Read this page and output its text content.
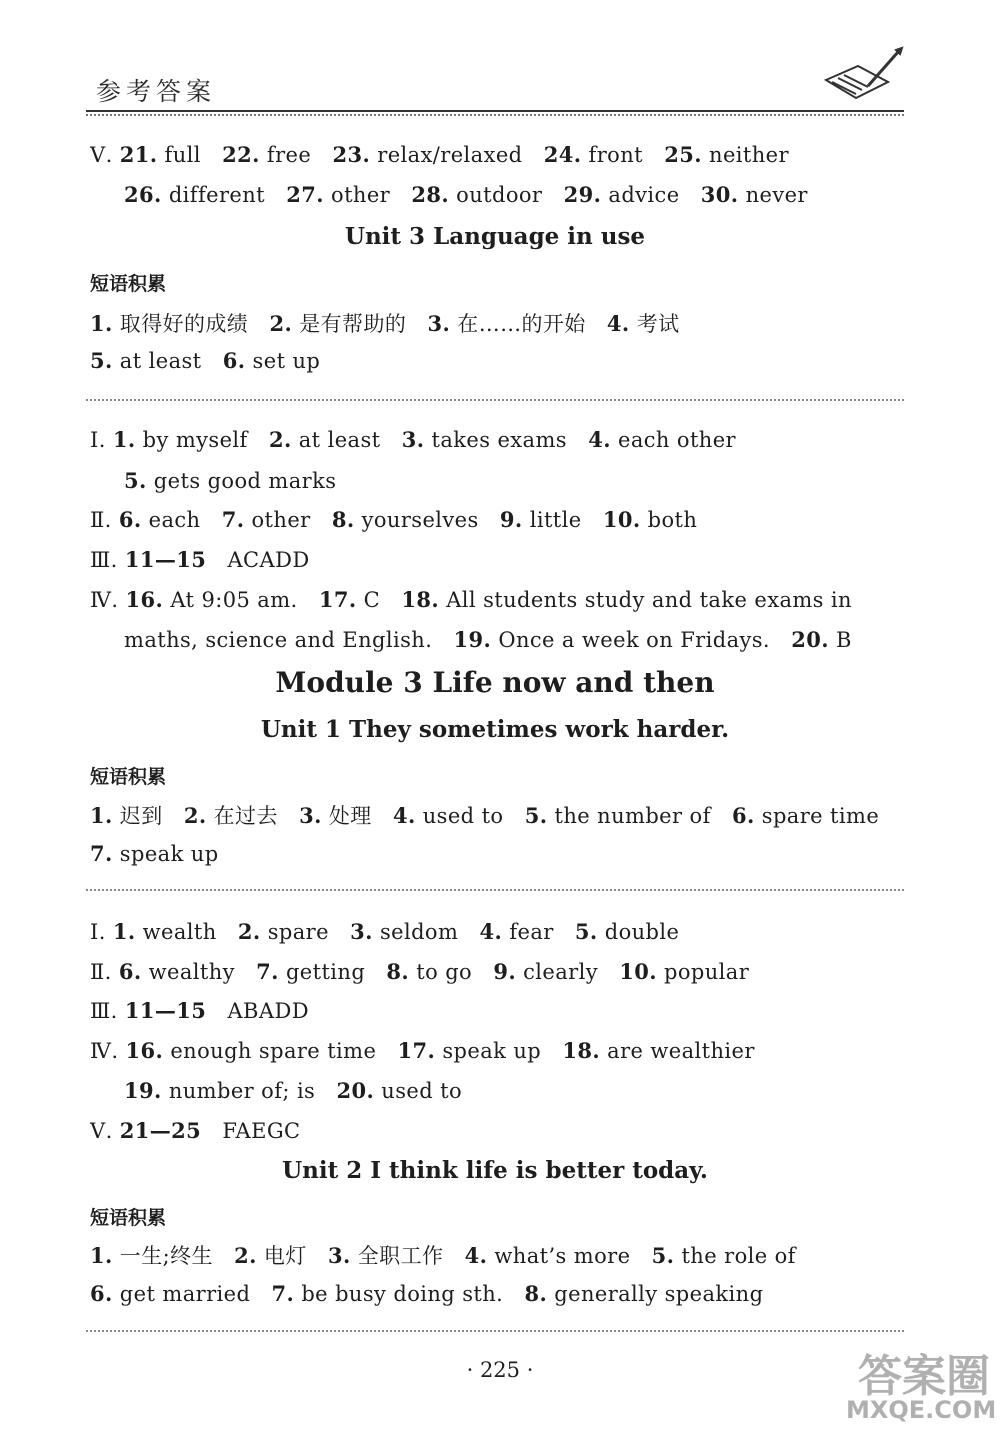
参考答案
Ⅴ. 21. full   22. free   23. relax/relaxed   24. front   25. neither
26. different   27. other   28. outdoor   29. advice   30. never
Unit 3 Language in use
短语积累
1. 取得好的成绩   2. 是有帮助的   3. 在……的开始   4. 考试
5. at least   6. set up
Ⅰ. 1. by myself   2. at least   3. takes exams   4. each other
5. gets good marks
Ⅱ. 6. each   7. other   8. yourselves   9. little   10. both
Ⅲ. 11—15   ACADD
Ⅳ. 16. At 9:05 am.   17. C   18. All students study and take exams in
maths, science and English.   19. Once a week on Fridays.   20. B
Module 3 Life now and then
Unit 1 They sometimes work harder.
短语积累
1. 迟到   2. 在过去   3. 处理   4. used to   5. the number of   6. spare time
7. speak up
Ⅰ. 1. wealth   2. spare   3. seldom   4. fear   5. double
Ⅱ. 6. wealthy   7. getting   8. to go   9. clearly   10. popular
Ⅲ. 11—15   ABADD
Ⅳ. 16. enough spare time   17. speak up   18. are wealthier
19. number of; is   20. used to
Ⅴ. 21—25   FAEGC
Unit 2 I think life is better today.
短语积累
1. 一生;终生   2. 电灯   3. 全职工作   4. what’s more   5. the role of
6. get married   7. be busy doing sth.   8. generally speaking
· 225 ·	答案圈
MXQE.COM
